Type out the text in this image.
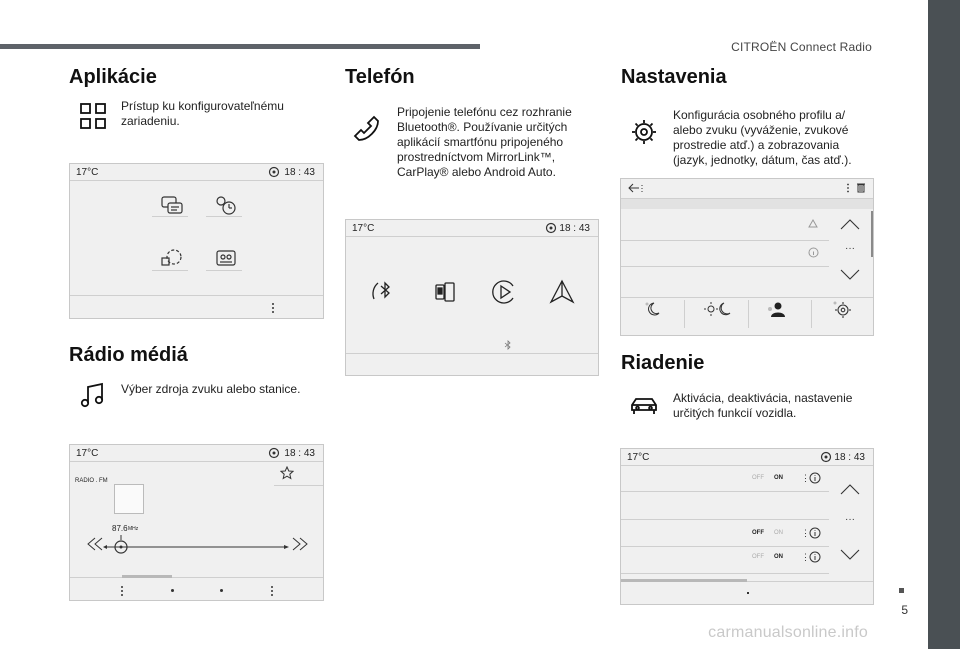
CITROËN Connect Radio
5
carmanualsonline.info
Aplikácie
Prístup ku konfigurovateľnému zariadeniu.
17°C	18 : 43
Rádio médiá
Výber zdroja zvuku alebo stanice.
17°C	18 : 43
RADIO . FM
87.6 MHz
Telefón
Pripojenie telefónu cez rozhranie Bluetooth®. Používanie určitých aplikácií smartfónu pripojeného prostredníctvom MirrorLink™, CarPlay® alebo Android Auto.
17°C	18 : 43
Nastavenia
Konfigurácia osobného profilu a/ alebo zvuku (vyváženie, zvukové prostredie atď.) a zobrazovania (jazyk, jednotky, dátum, čas atď.).
···
Riadenie
Aktivácia, deaktivácia, nastavenie určitých funkcií vozidla.
17°C	18 : 43
OFF ON ⋮
OFF ON ⋮
OFF ON ⋮
···
